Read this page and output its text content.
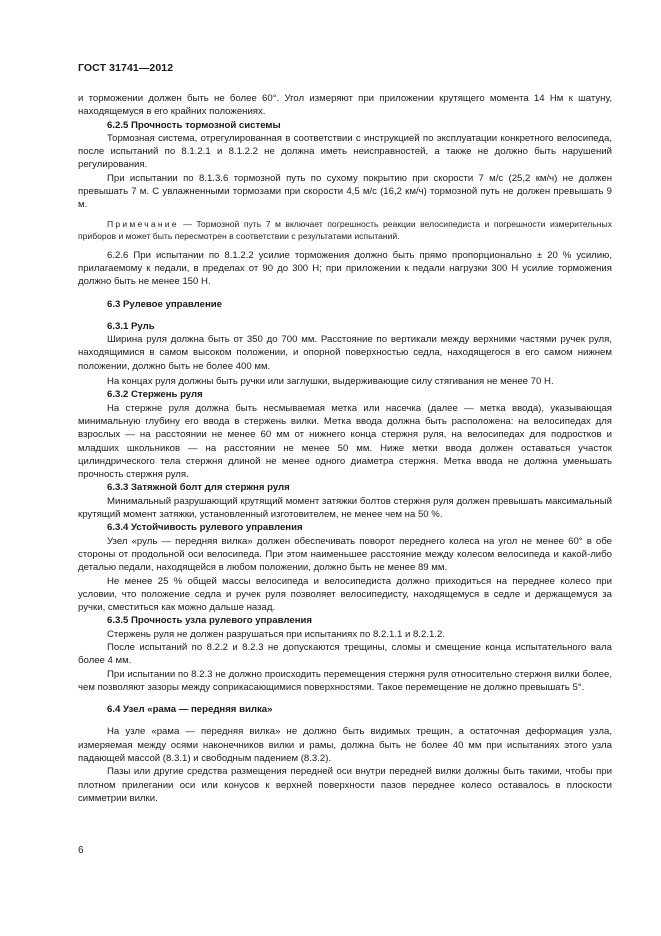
ГОСТ 31741—2012

и торможении должен быть не более 60°. Угол измеряют при приложении крутящего момента 14 Нм к шатуну, находящемуся в его крайних положениях.

6.2.5 Прочность тормозной системы

Тормозная система, отрегулированная в соответствии с инструкцией по эксплуатации конкретного велосипеда, после испытаний по 8.1.2.1 и 8.1.2.2 не должна иметь неисправностей, а также не должно быть нарушений регулирования.

При испытании по 8.1.3.6 тормозной путь по сухому покрытию при скорости 7 м/с (25,2 км/ч) не должен превышать 7 м. С увлажненными тормозами при скорости 4,5 м/с (16,2 км/ч) тормозной путь не должен превышать 9 м.

Примечание — Тормозной путь 7 м включает погрешность реакции велосипедиста и погрешности измерительных приборов и может быть пересмотрен в соответствии с результатами испытаний.

6.2.6 При испытании по 8.1.2.2 усилие торможения должно быть прямо пропорционально ± 20 % усилию, прилагаемому к педали, в пределах от 90 до 300 Н; при приложении к педали нагрузки 300 Н усилие торможения должно быть не менее 150 Н.

6.3 Рулевое управление

6.3.1 Руль

Ширина руля должна быть от 350 до 700 мм. Расстояние по вертикали между верхними частями ручек руля, находящимися в самом высоком положении, и опорной поверхностью седла, находящегося в его самом нижнем положении, должно быть не более 400 мм.

На концах руля должны быть ручки или заглушки, выдерживающие силу стягивания не менее 70 Н.

6.3.2 Стержень руля

На стержне руля должна быть несмываемая метка или насечка (далее — метка ввода), указывающая минимальную глубину его ввода в стержень вилки. Метка ввода должна быть расположена: на велосипедах для взрослых — на расстоянии не менее 60 мм от нижнего конца стержня руля, на велосипедах для подростков и младших школьников — на расстоянии не менее 50 мм. Ниже метки ввода должен оставаться участок цилиндрического тела стержня длиной не менее одного диаметра стержня. Метка ввода не должна уменьшать прочность стержня руля.

6.3.3 Затяжной болт для стержня руля

Минимальный разрушающий крутящий момент затяжки болтов стержня руля должен превышать максимальный крутящий момент затяжки, установленный изготовителем, не менее чем на 50 %.

6.3.4 Устойчивость рулевого управления

Узел «руль — передняя вилка» должен обеспечивать поворот переднего колеса на угол не менее 60° в обе стороны от продольной оси велосипеда. При этом наименьшее расстояние между колесом велосипеда и какой-либо деталью педали, находящейся в любом положении, должно быть не менее 89 мм.

Не менее 25 % общей массы велосипеда и велосипедиста должно приходиться на переднее колесо при условии, что положение седла и ручек руля позволяет велосипедисту, находящемуся в седле и держащемуся за ручки, сместиться как можно дальше назад.

6.3.5 Прочность узла рулевого управления

Стержень руля не должен разрушаться при испытаниях по 8.2.1.1 и 8.2.1.2.

После испытаний по 8.2.2 и 8.2.3 не допускаются трещины, сломы и смещение конца испытательного вала более 4 мм.

При испытании по 8.2.3 не должно происходить перемещения стержня руля относительно стержня вилки более, чем позволяют зазоры между соприкасающимися поверхностями. Такое перемещение не должно превышать 5°.

6.4 Узел «рама — передняя вилка»

На узле «рама — передняя вилка» не должно быть видимых трещин, а остаточная деформация узла, измеряемая между осями наконечников вилки и рамы, должна быть не более 40 мм при испытаниях этого узла падающей массой (8.3.1) и свободным падением (8.3.2).

Пазы или другие средства размещения передней оси внутри передней вилки должны быть такими, чтобы при плотном прилегании оси или конусов к верхней поверхности пазов переднее колесо оставалось в плоскости симметрии вилки.

6
